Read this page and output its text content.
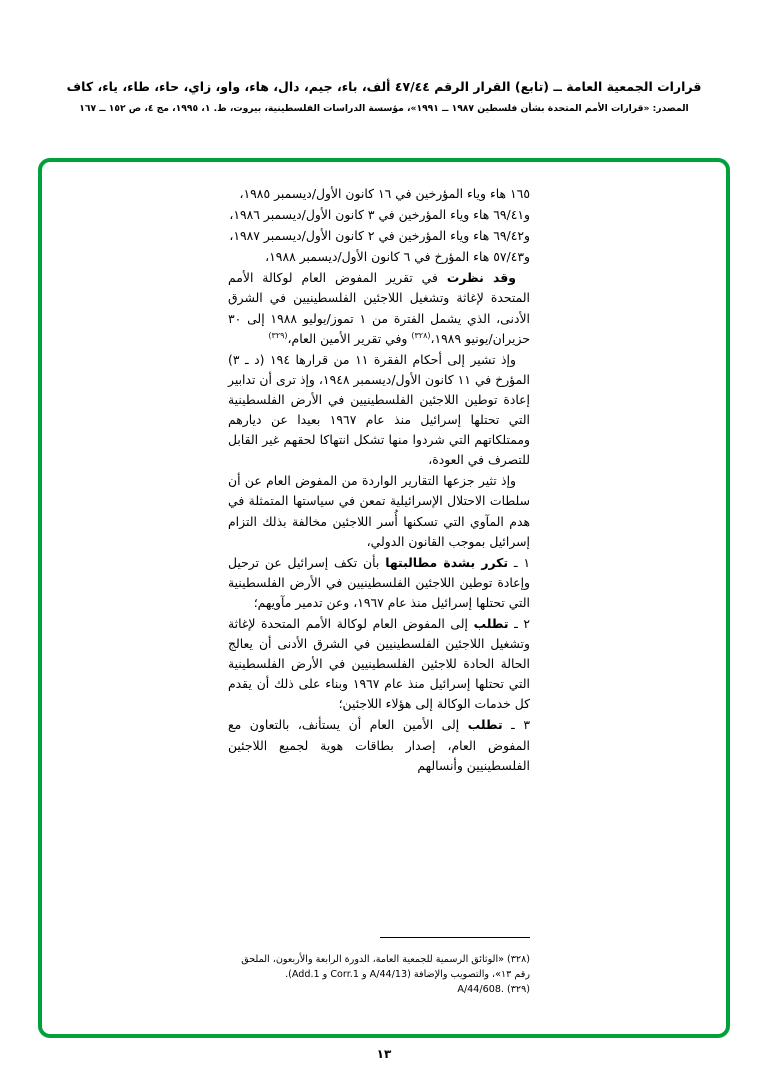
قرارات الجمعية العامة ــ (تابع) القرار الرقم ٤٧/٤٤ ألف، باء، جيم، دال، هاء، واو، زاي، حاء، طاء، ياء، كاف
المصدر: «قرارات الأمم المتحدة بشأن فلسطين ١٩٨٧ ــ ١٩٩١»، مؤسسة الدراسات الفلسطينية، بيروت، ط. ١، ١٩٩٥، مج ٤، ص ١٥٢ ــ ١٦٧

١٦٥ هاء وياء المؤرخين في ١٦ كانون الأول/ديسمبر ١٩٨٥،

و٦٩/٤١ هاء وياء المؤرخين في ٣ كانون الأول/ديسمبر ١٩٨٦،

و٦٩/٤٢ هاء وياء المؤرخين في ٢ كانون الأول/ديسمبر ١٩٨٧،

و٥٧/٤٣ هاء المؤرخ في ٦ كانون الأول/ديسمبر ١٩٨٨،

وقد نظرت في تقرير المفوض العام لوكالة الأمم المتحدة لإغاثة وتشغيل اللاجئين الفلسطينيين في الشرق الأدنى، الذي يشمل الفترة من ١ تموز/يوليو ١٩٨٨ إلى ٣٠ حزيران/يونيو ١٩٨٩،$^{(٣٢٨)}$ وفي تقرير الأمين العام،$^{(٣٢٩)}$

وإذ تشير إلى أحكام الفقرة ١١ من قرارها ١٩٤ (د ـ ٣) المؤرخ في ١١ كانون الأول/ديسمبر ١٩٤٨، وإذ ترى أن تدابير إعادة توطين اللاجئين الفلسطينيين في الأرض الفلسطينية التي تحتلها إسرائيل منذ عام ١٩٦٧ بعيدا عن ديارهم وممتلكاتهم التي شردوا منها تشكل انتهاكا لحقهم غير القابل للتصرف في العودة،

وإذ تثير جزعها التقارير الواردة من المفوض العام عن أن سلطات الاحتلال الإسرائيلية تمعن في سياستها المتمثلة في هدم المآوي التي تسكنها أُسر اللاجئين مخالفة بذلك التزام إسرائيل بموجب القانون الدولي،

١ ـ تكرر بشدة مطالبتها بأن تكف إسرائيل عن ترحيل وإعادة توطين اللاجئين الفلسطينيين في الأرض الفلسطينية التي تحتلها إسرائيل منذ عام ١٩٦٧، وعن تدمير مآويهم؛

٢ ـ تطلب إلى المفوض العام لوكالة الأمم المتحدة لإغاثة وتشغيل اللاجئين الفلسطينيين في الشرق الأدنى أن يعالج الحالة الحادة للاجئين الفلسطينيين في الأرض الفلسطينية التي تحتلها إسرائيل منذ عام ١٩٦٧ وبناء على ذلك أن يقدم كل خدمات الوكالة إلى هؤلاء اللاجئين؛

٣ ـ تطلب إلى الأمين العام أن يستأنف، بالتعاون مع المفوض العام، إصدار بطاقات هوية لجميع اللاجئين الفلسطينيين وأنسالهم

(٣٢٨) «الوثائق الرسمية للجمعية العامة، الدورة الرابعة والأربعون، الملحق رقم ١٣»، والتصويب والإضافة (A/44/13 و Corr.1 و Add.1).

A/44/608. (٣٢٩)

١٣
